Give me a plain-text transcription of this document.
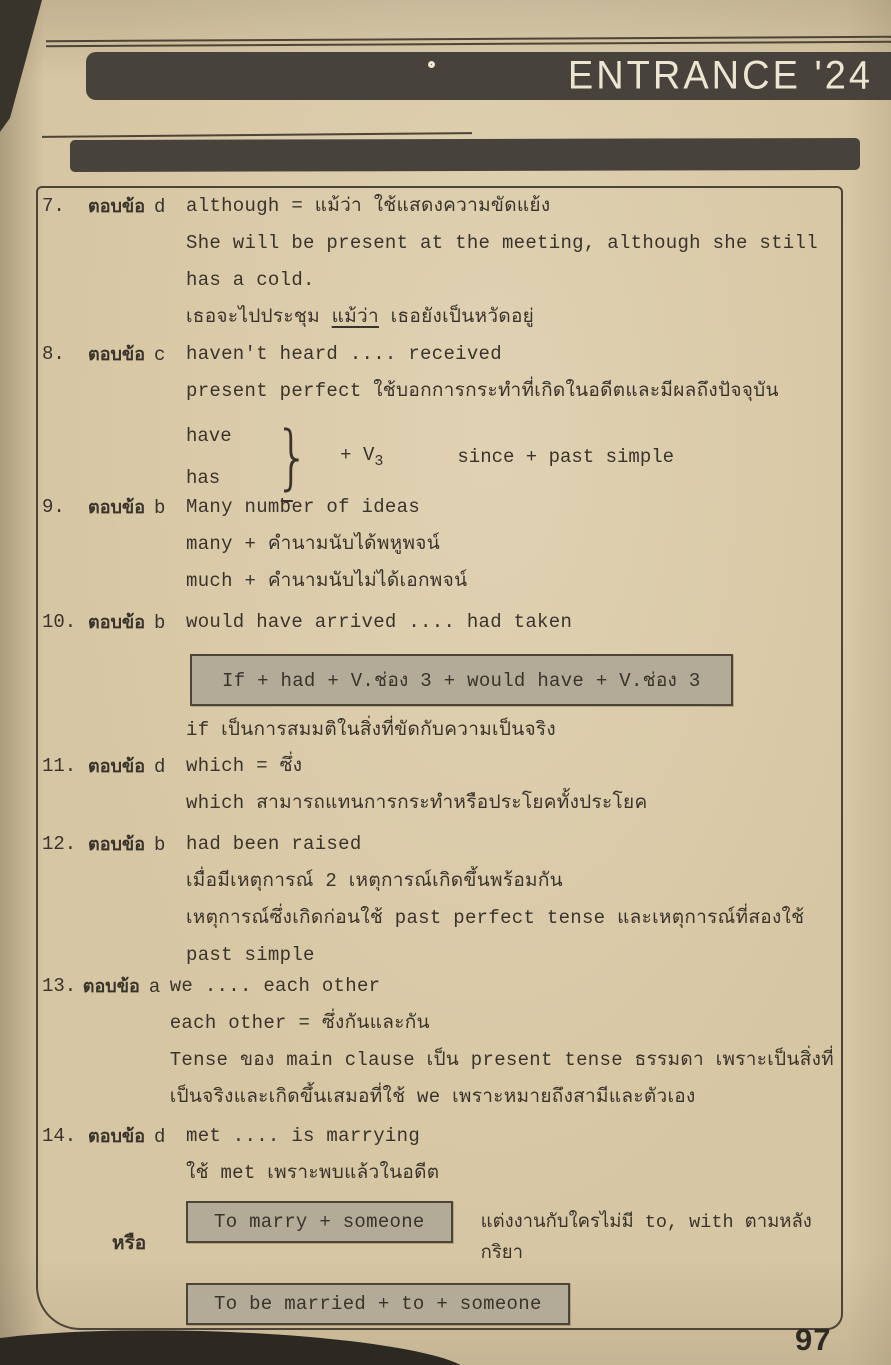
ENTRANCE '24
7.	ตอบข้อ d although = แม้ว่า ใช้แสดงความขัดแย้ง
She will be present at the meeting, although she still
has a cold.
เธอจะไปประชุม แม้ว่า เธอยังเป็นหวัดอยู่
8.	ตอบข้อ c haven't heard .... received
present perfect ใช้บอกการกระทำที่เกิดในอดีตและมีผลถึงปัจจุบัน
have
has } + $V_3$	since + past simple
9.	ตอบข้อ b Many number of ideas
many + คำนามนับได้พหูพจน์
much + คำนามนับไม่ได้เอกพจน์
10. ตอบข้อ b would have arrived .... had taken
If + had + V.ช่อง 3 + would have + V.ช่อง 3
if เป็นการสมมติในสิ่งที่ขัดกับความเป็นจริง
11. ตอบข้อ d which = ซึ่ง
which สามารถแทนการกระทำหรือประโยคทั้งประโยค
12. ตอบข้อ b had been raised
เมื่อมีเหตุการณ์ 2 เหตุการณ์เกิดขึ้นพร้อมกัน
เหตุการณ์ซึ่งเกิดก่อนใช้ past perfect tense และเหตุการณ์ที่สองใช้
past simple
13. ตอบข้อ a we .... each other
each other = ซึ่งกันและกัน
Tense ของ main clause เป็น present tense ธรรมดา เพราะเป็นสิ่งที่
เป็นจริงและเกิดขึ้นเสมอที่ใช้ we เพราะหมายถึงสามีและตัวเอง
14. ตอบข้อ d met .... is marrying
ใช้ met เพราะพบแล้วในอดีต
To marry + someone	แต่งงานกับใครไม่มี to, with ตามหลัง
กริยา
To be married + to + someone
หรือ
97
